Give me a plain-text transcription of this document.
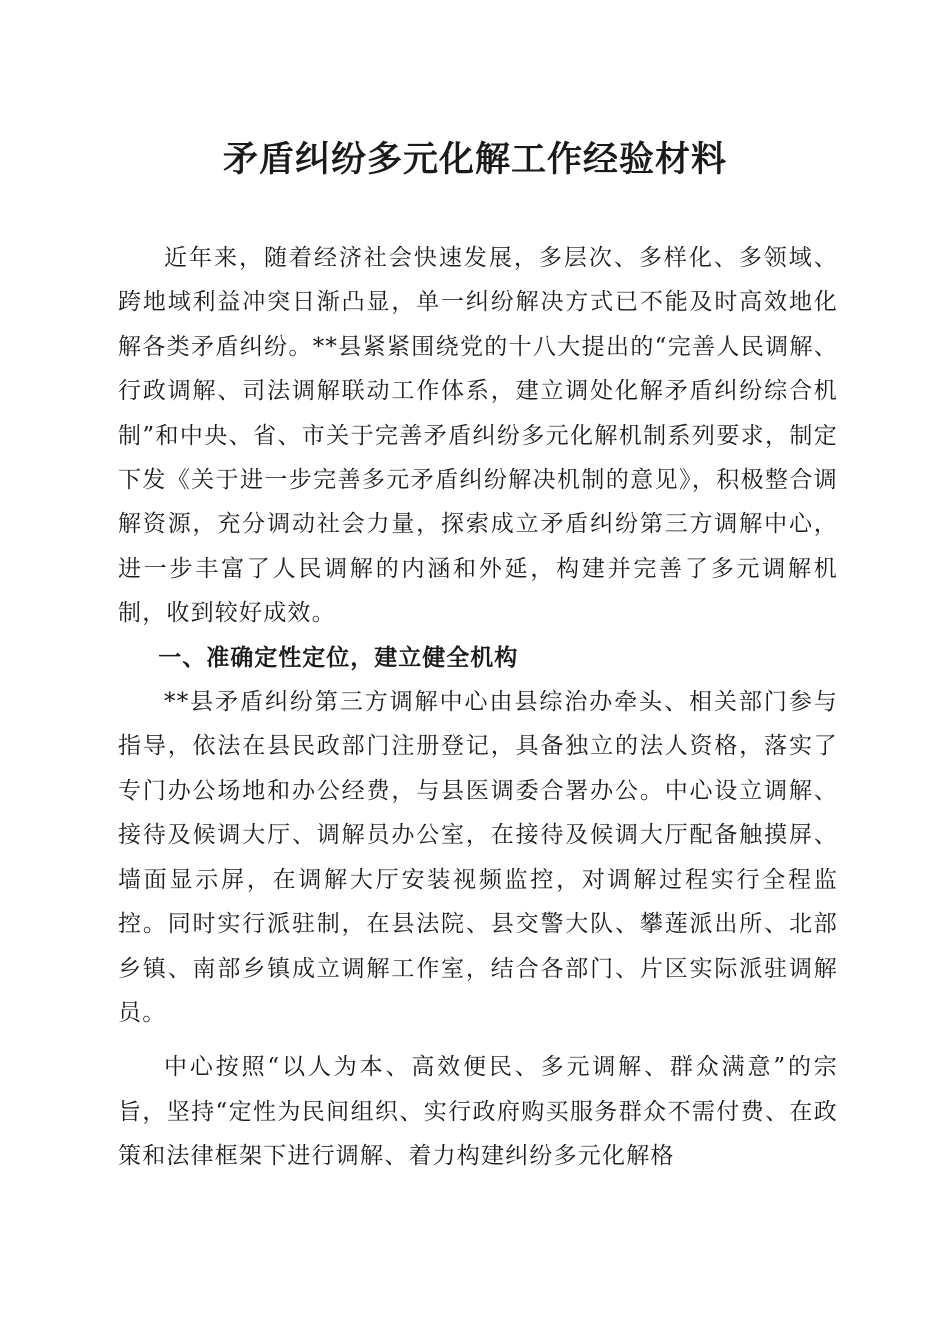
矛盾纠纷多元化解工作经验材料

近年来，随着经济社会快速发展，多层次、多样化、多领域、跨地域利益冲突日渐凸显，单一纠纷解决方式已不能及时高效地化解各类矛盾纠纷。**县紧紧围绕党的十八大提出的“完善人民调解、行政调解、司法调解联动工作体系，建立调处化解矛盾纠纷综合机制”和中央、省、市关于完善矛盾纠纷多元化解机制系列要求，制定下发《关于进一步完善多元矛盾纠纷解决机制的意见》，积极整合调解资源，充分调动社会力量，探索成立矛盾纠纷第三方调解中心，进一步丰富了人民调解的内涵和外延，构建并完善了多元调解机制，收到较好成效。

一、准确定性定位，建立健全机构

**县矛盾纠纷第三方调解中心由县综治办牵头、相关部门参与指导，依法在县民政部门注册登记，具备独立的法人资格，落实了专门办公场地和办公经费，与县医调委合署办公。中心设立调解、接待及候调大厅、调解员办公室，在接待及候调大厅配备触摸屏、墙面显示屏，在调解大厅安装视频监控，对调解过程实行全程监控。同时实行派驻制，在县法院、县交警大队、攀莲派出所、北部乡镇、南部乡镇成立调解工作室，结合各部门、片区实际派驻调解员。

中心按照“以人为本、高效便民、多元调解、群众满意”的宗旨，坚持“定性为民间组织、实行政府购买服务群众不需付费、在政策和法律框架下进行调解、着力构建纠纷多元化解格
